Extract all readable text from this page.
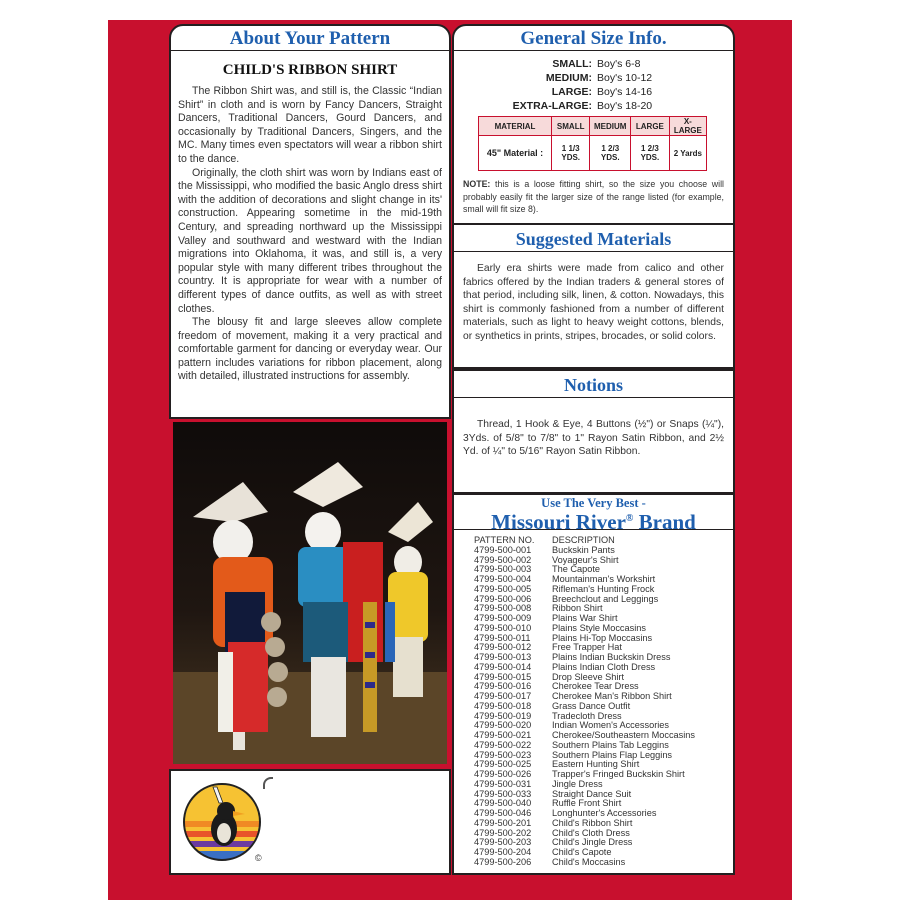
About Your Pattern
CHILD'S RIBBON SHIRT

The Ribbon Shirt was, and still is, the Classic “Indian Shirt” in cloth and is worn by Fancy Dancers, Straight Dancers, Traditional Dancers, Gourd Dancers, and occasionally by Traditional Dancers, Singers, and the MC. Many times even spectators will wear a ribbon shirt to the dance.

Originally, the cloth shirt was worn by Indians east of the Mississippi, who modified the basic Anglo dress shirt with the addition of decorations and slight change in its' construction. Appearing sometime in the mid-19th Century, and spreading northward up the Mississippi Valley and southward and westward with the Indian migrations into Oklahoma, it was, and still is, a very popular style with many different tribes throughout the country. It is appropriate for wear with a number of different types of dance outfits, as well as with street clothes.

The blousy fit and large sleeves allow complete freedom of movement, making it a very practical and comfortable garment for dancing or everyday wear. Our pattern includes variations for ribbon placement, along with detailed, illustrated instructions for assembly.

©
General Size Info.
SMALL: Boy's 6-8
MEDIUM: Boy's 10-12
LARGE: Boy's 14-16
EXTRA-LARGE: Boy's 18-20
MATERIAL	SMALL	MEDIUM	LARGE	X-LARGE
45" Material :	1 1/3 YDS.	1 2/3 YDS.	1 2/3 YDS.	2 Yards
NOTE: this is a loose fitting shirt, so the size you choose will probably easily fit the larger size of the range listed (for example, small will fit size 8).
Suggested Materials

Early era shirts were made from calico and other fabrics offered by the Indian traders & general stores of that period, including silk, linen, & cotton. Nowadays, this shirt is commonly fashioned from a number of different materials, such as light to heavy weight cottons, blends, or synthetics in prints, stripes, brocades, or solid colors.

Notions

Thread, 1 Hook & Eye, 4 Buttons (½") or Snaps (¼"), 3Yds. of 5/8" to 7/8" to 1" Rayon Satin Ribbon, and 2½ Yd. of ¼" to 5/16" Rayon Satin Ribbon.

Use The Very Best -
Missouri River® Brand
PATTERN NO.	DESCRIPTION
4799-500-001	Buckskin Pants
4799-500-002	Voyageur's Shirt
4799-500-003	The Capote
4799-500-004	Mountainman's Workshirt
4799-500-005	Rifleman's Hunting Frock
4799-500-006	Breechclout and Leggings
4799-500-008	Ribbon Shirt
4799-500-009	Plains War Shirt
4799-500-010	Plains Style Moccasins
4799-500-011	Plains Hi-Top Moccasins
4799-500-012	Free Trapper Hat
4799-500-013	Plains Indian Buckskin Dress
4799-500-014	Plains Indian Cloth Dress
4799-500-015	Drop Sleeve Shirt
4799-500-016	Cherokee Tear Dress
4799-500-017	Cherokee Man's Ribbon Shirt
4799-500-018	Grass Dance Outfit
4799-500-019	Tradecloth Dress
4799-500-020	Indian Women's Accessories
4799-500-021	Cherokee/Southeastern Moccasins
4799-500-022	Southern Plains Tab Leggins
4799-500-023	Southern Plains Flap Leggins
4799-500-025	Eastern Hunting Shirt
4799-500-026	Trapper's Fringed Buckskin Shirt
4799-500-031	Jingle Dress
4799-500-033	Straight Dance Suit
4799-500-040	Ruffle Front Shirt
4799-500-046	Longhunter's Accessories
4799-500-201	Child's Ribbon Shirt
4799-500-202	Child's Cloth Dress
4799-500-203	Child's Jingle Dress
4799-500-204	Child's Capote
4799-500-206	Child's Moccasins
